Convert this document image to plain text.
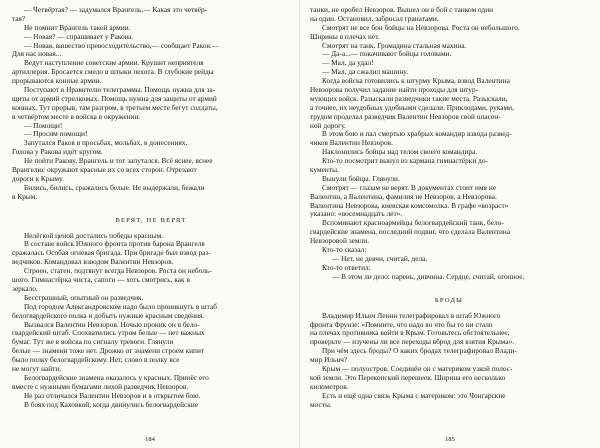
— Четвёртая? — задумался Врангель.— Какая это четвёр-
тая?
Не помнит Врангель такой армии.
— Новая? — спрашивает у Ракова.
— Новая, вашество превосходительство,— сообщает Раков.—
Для нас новая...
Ведут наступление советские армии. Крушит неприятеля
артиллерия. Бросается смело в штыки пехота. В глубокие рейды
прорываются конные армии.
Поступают в Нравителю телеграммы. Помощь нужна для за-
щиты от армий стрелковых. Помощь нужна для защиты от армий
конных. Тут прорыв, там разгром, в третьем месте бегут солдаты,
в четвёртом месте в войска в окружении.
— Помощи!
— Просим помощи!
Запутался Раков в просьбах, мольбах, в донесениях.
Голова у Ракова идёт кругом.
Не пойти Ракову, Врангель и тот запутался. Всё яснее, яснее
Врангелю: окружают красные их со всех сторон. Отрезают
дороги к Крыму.
Бились, бились, сражались белые. Не выдержали, бежали
в Крым.
ВЕРЯТ, НЕ ВЕРЯТ
Нелёгкой ценой достались победы красным.
В составе войск Южного фронта против барона Врангеля
сражалась Особая огневая бригада. При бригаде был взвод раз-
ведчиков. Командовал взводом Валентин Невзоров.
Строен, статен, подтянут всегда Невзоров. Роста он неболь-
шого. Гимнастёрка чиста, сапоги — хоть смотрись, как в
зеркало.
Бесстрашный, опытный он разведчик.
Под городом Александровском надо было проникнуть в штаб
белогвардейского полка и добыть нужные красным сведения.
Вызвался Валентин Невзоров. Ночью проник он в бело-
гвардейский штаб. Спохватились утром белые — нет важных
бумаг. Тут же в войска по сигналу тревоги. Глянули
белые — знамени тоже нет. Дрожко от знамени строем кипит
было полку белогвардейскому. Нет, слово в полку все
не могут найти.
Белогвардейские знамена оказалось у красных. Принёс его
вместе с нужными бумагами лихой разведчик Невзоров.
Не раз отличался Валентин Невзоров и в открытом бою.
В боях под Каховкой, когда двинулись белогвардейские
184
танки, не оробел Невзоров. Вышел он в бой с танком один
на один. Остановил, забросал гранатами.
Смотрят не все бон бойцы на Невзорова. Роста он небольшого.
Ширины в плечах нет.
Смотрят на танк. Громадина стальная махина.
— Да-а...— покачивают бойцы головами.
— Мал, да удал!
— Мал, да сжалил машину.
Когда войска готовились к штурму Крыма, взвод Валентина
Невзорова получил задание найти проходы для штур-
мующих войск. Разыскали разведчики такие места. Разыскали,
а точнее, их неудобных удобными сделали. Приклодами, руками,
трудом проделал разведчик Валентин Невзоров свой опасен-
ной дорогу.
В этом бою и пал смертью храбрых командир взвода развед-
чиков Валентин Невзоров.
Наклонились бойцы над телом своего командира.
Кто-то посмотрит вынул из кармана гимнастёрки до-
кументы.
Вынули бойцы. Глянули.
Смотрят — глазам не верят. В документах стоит имя не
Валентин, а Валентина, фамилия не Невзоров, а Невзорова.
Валентина Невзорова, киевская комсомолка. В графе «возраст»
указано: «восемнадцать лет».
Вспоминают красноармейцы белогвардейский танк, бело-
гвардейские знамена, последний подвиг, что сделала Валентина
Невзоровой земли.
Кто-то сказал:
— Нет, не девчи, считай, дела.
Кто-то ответил:
— В этом ли дело: парень, дивчина. Сердце, считай, огонное.
БРОДЫ
Владимир Ильич Ленин телеграфировал в штаб Южного
фронта Фрунзе: «Помните, что надо во что бы то ни стало
на плечах противника войти в Крым. Готовьтесь обстоятельнее,
проверьте — изучены ли все переходы вброд для взятия Крыма».
При чём здесь броды? О каких бродах телеграфировал Влади-
мир Ильич?
Крым — полуостров. Соединён он с материком узкой полос-
кой земли. Это Перекопский перешеек. Ширина его несколько
километров.
Есть и ещё одна связь Крыма с материком: это Чонгарские
мосты.
185
